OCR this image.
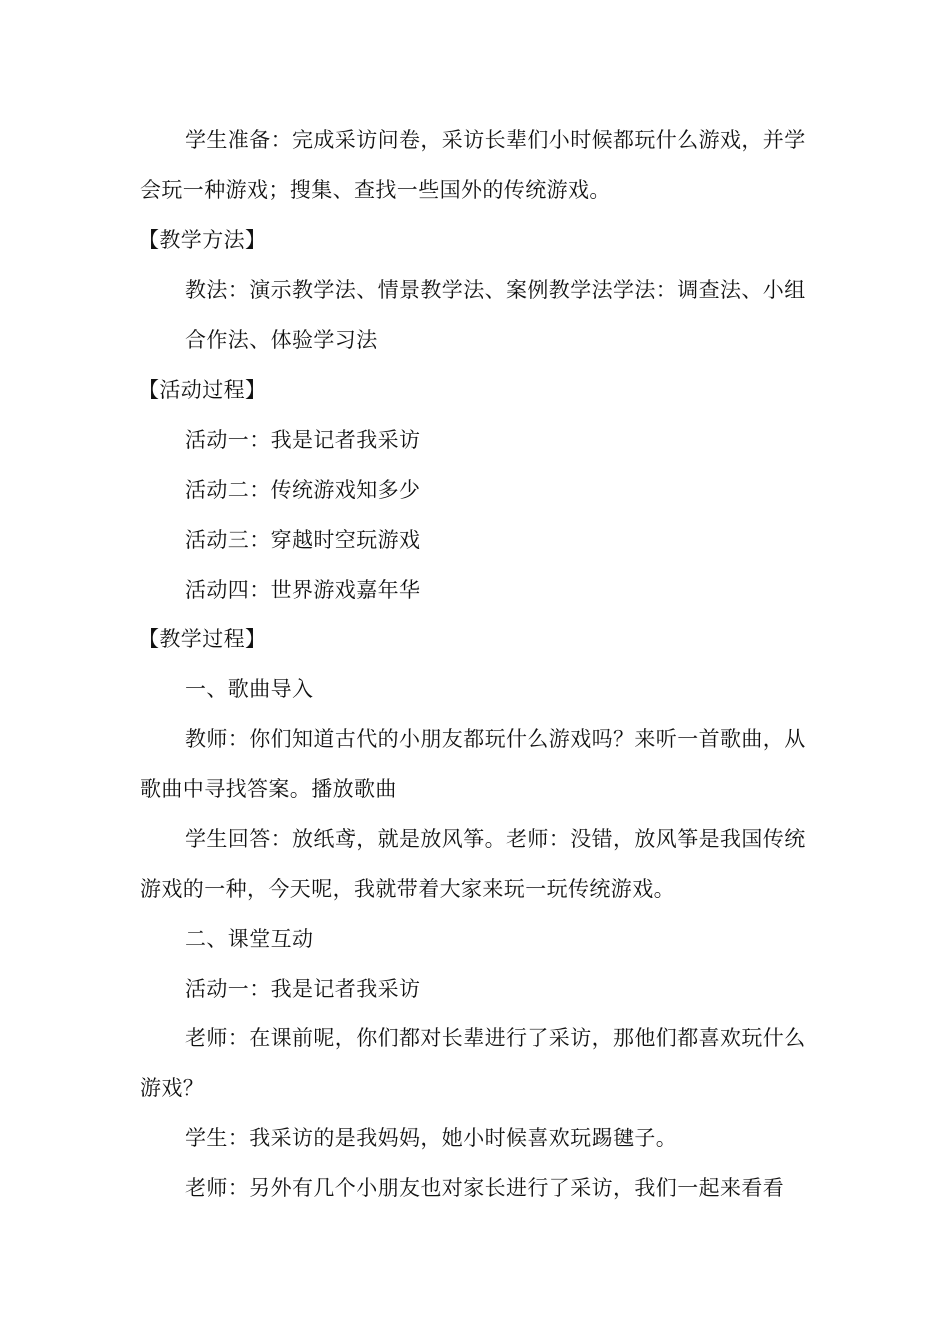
学生准备：完成采访问卷，采访长辈们小时候都玩什么游戏，并学
会玩一种游戏；搜集、查找一些国外的传统游戏。
【教学方法】
教法：演示教学法、情景教学法、案例教学法学法：调查法、小组
合作法、体验学习法
【活动过程】
活动一：我是记者我采访
活动二：传统游戏知多少
活动三：穿越时空玩游戏
活动四：世界游戏嘉年华
【教学过程】
一、歌曲导入
教师：你们知道古代的小朋友都玩什么游戏吗？来听一首歌曲，从
歌曲中寻找答案。播放歌曲
学生回答：放纸鸢，就是放风筝。老师：没错，放风筝是我国传统
游戏的一种，今天呢，我就带着大家来玩一玩传统游戏。
二、课堂互动
活动一：我是记者我采访
老师：在课前呢，你们都对长辈进行了采访，那他们都喜欢玩什么
游戏？
学生：我采访的是我妈妈，她小时候喜欢玩踢毽子。
老师：另外有几个小朋友也对家长进行了采访，我们一起来看看
